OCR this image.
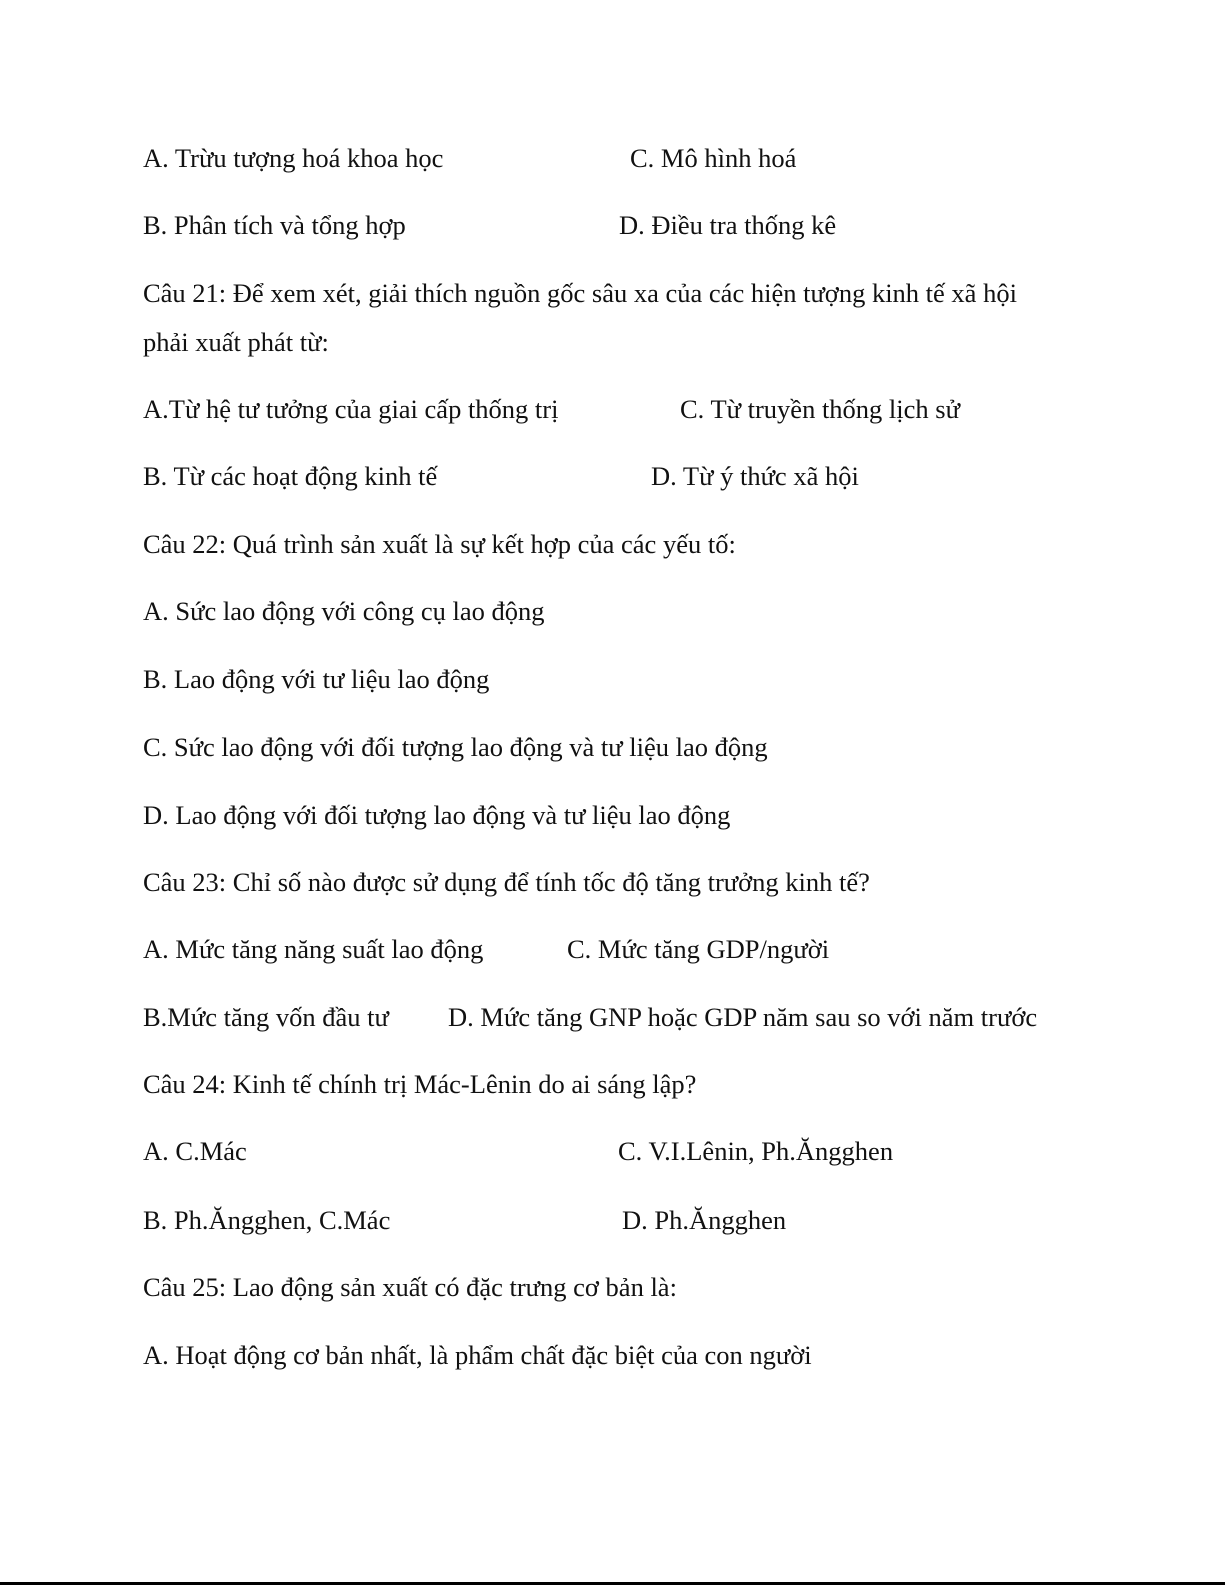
A. Trừu tượng hoá khoa học	C. Mô hình hoá
B. Phân tích và tổng hợp	D. Điều tra thống kê
Câu 21: Để xem xét, giải thích nguồn gốc sâu xa của các hiện tượng kinh tế xã hội
phải xuất phát từ:
A.Từ hệ tư tưởng của giai cấp thống trị	C. Từ truyền thống lịch sử
B. Từ các hoạt động kinh tế	D. Từ ý thức xã hội
Câu 22: Quá trình sản xuất là sự kết hợp của các yếu tố:
A. Sức lao động với công cụ lao động
B. Lao động với tư liệu lao động
C. Sức lao động với đối tượng lao động và tư liệu lao động
D. Lao động với đối tượng lao động và tư liệu lao động
Câu 23: Chỉ số nào được sử dụng để tính tốc độ tăng trưởng kinh tế?
A. Mức tăng năng suất lao động	C. Mức tăng GDP/người
B.Mức tăng vốn đầu tư D. Mức tăng GNP hoặc GDP năm sau so với năm trước
Câu 24: Kinh tế chính trị Mác-Lênin do ai sáng lập?
A. C.Mác	C. V.I.Lênin, Ph.Ăngghen
B. Ph.Ăngghen, C.Mác	D. Ph.Ăngghen
Câu 25: Lao động sản xuất có đặc trưng cơ bản là:
A. Hoạt động cơ bản nhất, là phẩm chất đặc biệt của con người
